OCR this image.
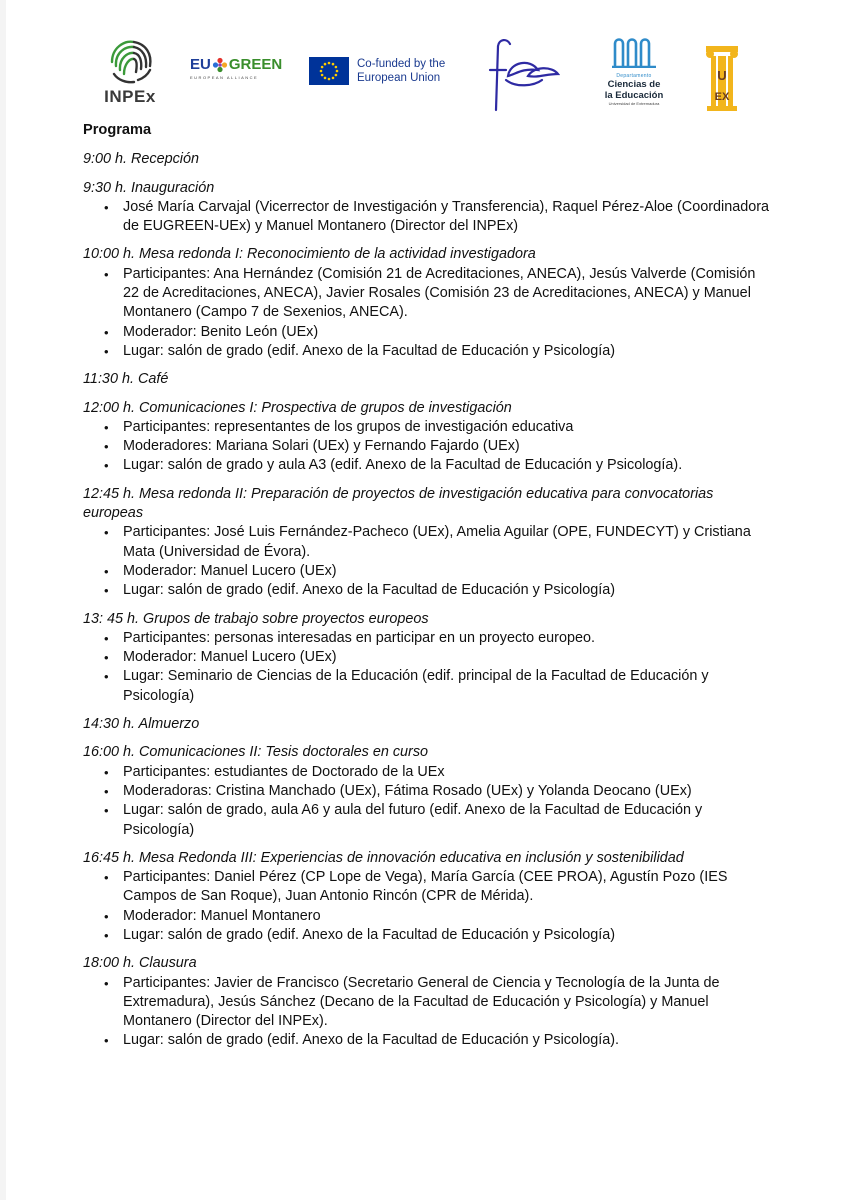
INPEx
EU GREEN
EUROPEAN ALLIANCE
Co-funded by the
European Union	Departamento
Ciencias de
la Educación
Universidad de Extremadura
U
EX
Programa
9:00 h. Recepción
9:30 h. Inauguración
• José María Carvajal (Vicerrector de Investigación y Transferencia), Raquel Pérez-Aloe (Coordinadora de EUGREEN-UEx) y Manuel Montanero (Director del INPEx)
10:00 h. Mesa redonda I: Reconocimiento de la actividad investigadora
• Participantes: Ana Hernández (Comisión 21 de Acreditaciones, ANECA), Jesús Valverde (Comisión 22 de Acreditaciones, ANECA), Javier Rosales (Comisión 23 de Acreditaciones, ANECA) y Manuel Montanero (Campo 7 de Sexenios, ANECA).
• Moderador: Benito León (UEx)
• Lugar: salón de grado (edif. Anexo de la Facultad de Educación y Psicología)
11:30 h. Café
12:00 h. Comunicaciones I: Prospectiva de grupos de investigación
• Participantes: representantes de los grupos de investigación educativa
• Moderadores: Mariana Solari (UEx) y Fernando Fajardo (UEx)
• Lugar: salón de grado y aula A3 (edif. Anexo de la Facultad de Educación y Psicología).
12:45 h. Mesa redonda II: Preparación de proyectos de investigación educativa para convocatorias europeas
• Participantes: José Luis Fernández-Pacheco (UEx), Amelia Aguilar (OPE, FUNDECYT) y Cristiana Mata (Universidad de Évora).
• Moderador: Manuel Lucero (UEx)
• Lugar: salón de grado (edif. Anexo de la Facultad de Educación y Psicología)
13: 45 h. Grupos de trabajo sobre proyectos europeos
• Participantes: personas interesadas en participar en un proyecto europeo.
• Moderador: Manuel Lucero (UEx)
• Lugar: Seminario de Ciencias de la Educación (edif. principal de la Facultad de Educación y Psicología)
14:30 h. Almuerzo
16:00 h. Comunicaciones II: Tesis doctorales en curso
• Participantes: estudiantes de Doctorado de la UEx
• Moderadoras: Cristina Manchado (UEx), Fátima Rosado (UEx) y Yolanda Deocano (UEx)
• Lugar: salón de grado, aula A6 y aula del futuro (edif. Anexo de la Facultad de Educación y Psicología)
16:45 h. Mesa Redonda III: Experiencias de innovación educativa en inclusión y sostenibilidad
• Participantes: Daniel Pérez (CP Lope de Vega), María García (CEE PROA), Agustín Pozo (IES Campos de San Roque), Juan Antonio Rincón (CPR de Mérida).
• Moderador: Manuel Montanero
• Lugar: salón de grado (edif. Anexo de la Facultad de Educación y Psicología)
18:00 h. Clausura
• Participantes: Javier de Francisco (Secretario General de Ciencia y Tecnología de la Junta de Extremadura), Jesús Sánchez (Decano de la Facultad de Educación y Psicología) y Manuel Montanero (Director del INPEx).
• Lugar: salón de grado (edif. Anexo de la Facultad de Educación y Psicología).
